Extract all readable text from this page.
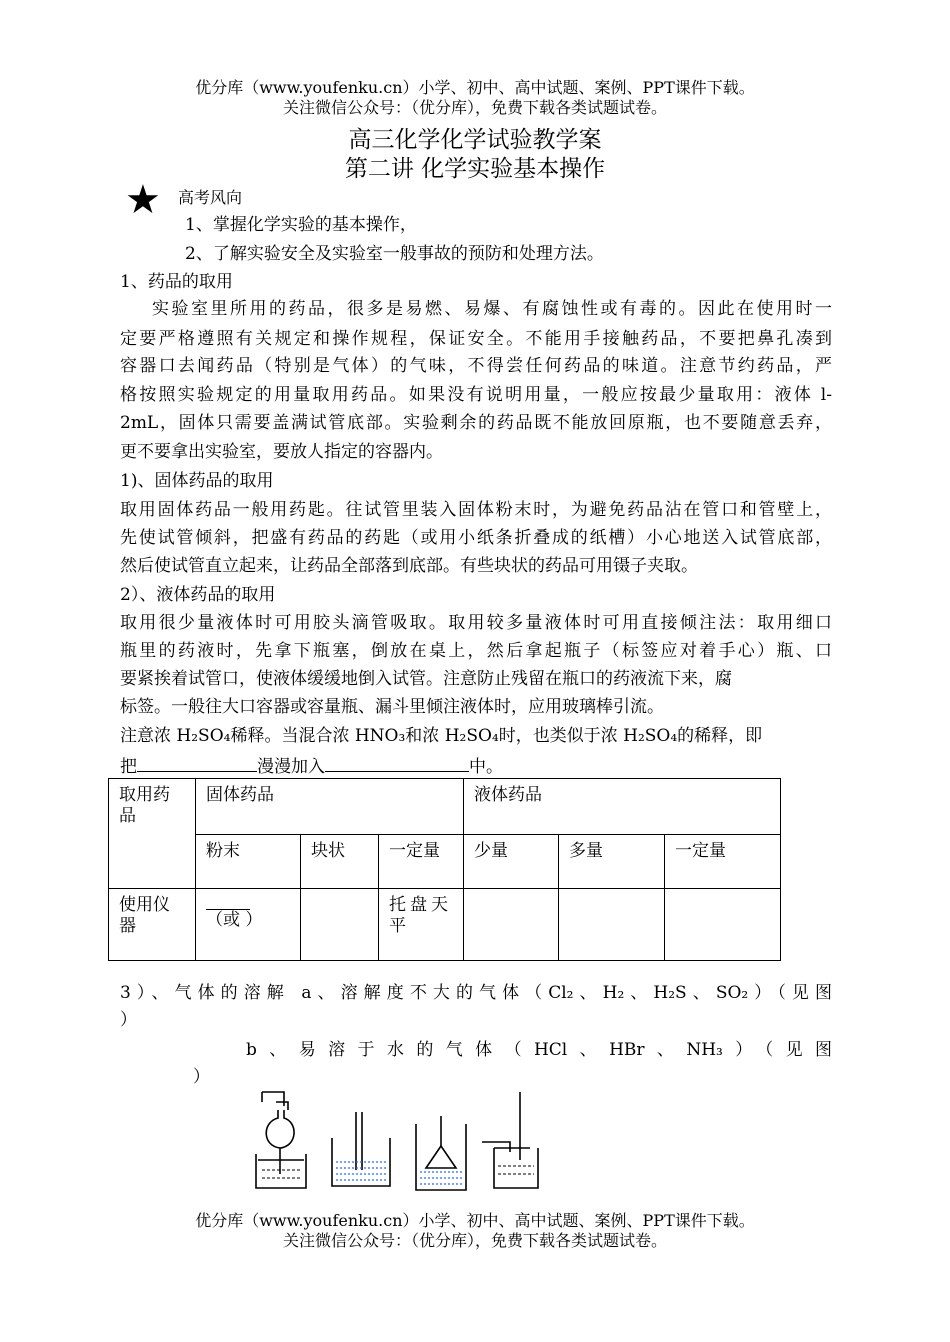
优分库（www.youfenku.cn）小学、初中、高中试题、案例、PPT课件下载。
关注微信公众号：（优分库），免费下载各类试题试卷。
高三化学化学试验教学案
第二讲 化学实验基本操作
★ 高考风向
1、掌握化学实验的基本操作，
2、了解实验安全及实验室一般事故的预防和处理方法。
1、药品的取用
实验室里所用的药品，很多是易燃、易爆、有腐蚀性或有毒的。因此在使用时一
定要严格遵照有关规定和操作规程，保证安全。不能用手接触药品，不要把鼻孔凑到
容器口去闻药品（特别是气体）的气味，不得尝任何药品的味道。注意节约药品，严
格按照实验规定的用量取用药品。如果没有说明用量，一般应按最少量取用：液体 l-
2mL，固体只需要盖满试管底部。实验剩余的药品既不能放回原瓶，也不要随意丢弃，
更不要拿出实验室，要放人指定的容器内。
1)、固体药品的取用
取用固体药品一般用药匙。往试管里装入固体粉末时，为避免药品沾在管口和管壁上，
先使试管倾斜，把盛有药品的药匙（或用小纸条折叠成的纸槽）小心地送入试管底部，
然后使试管直立起来，让药品全部落到底部。有些块状的药品可用镊子夹取。
2）、液体药品的取用
取用很少量液体时可用胶头滴管吸取。取用较多量液体时可用直接倾注法：取用细口
瓶里的药液时，先拿下瓶塞，倒放在桌上，然后拿起瓶子（标签应对着手心）瓶、口
要紧挨着试管口，使液体缓缓地倒入试管。注意防止残留在瓶口的药液流下来，腐
标签。一般往大口容器或容量瓶、漏斗里倾注液体时，应用玻璃棒引流。
注意浓 H₂SO₄稀释。当混合浓 HNO₃和浓 H₂SO₄时，也类似于浓 H₂SO₄的稀释，即
把	漫漫加入	中。
取用药品	固体药品			液体药品		
	粉末	块状	一定量	少量	多量	一定量
使用仪器	（或 ）		托盘天平			
3）、气体的溶解 a、溶解度不大的气体（Cl₂、H₂、H₂S、SO₂）（见图
）
b、易溶于水的气体（HCl、HBr、NH₃）（见图
）
优分库（www.youfenku.cn）小学、初中、高中试题、案例、PPT课件下载。
关注微信公众号：（优分库），免费下载各类试题试卷。
